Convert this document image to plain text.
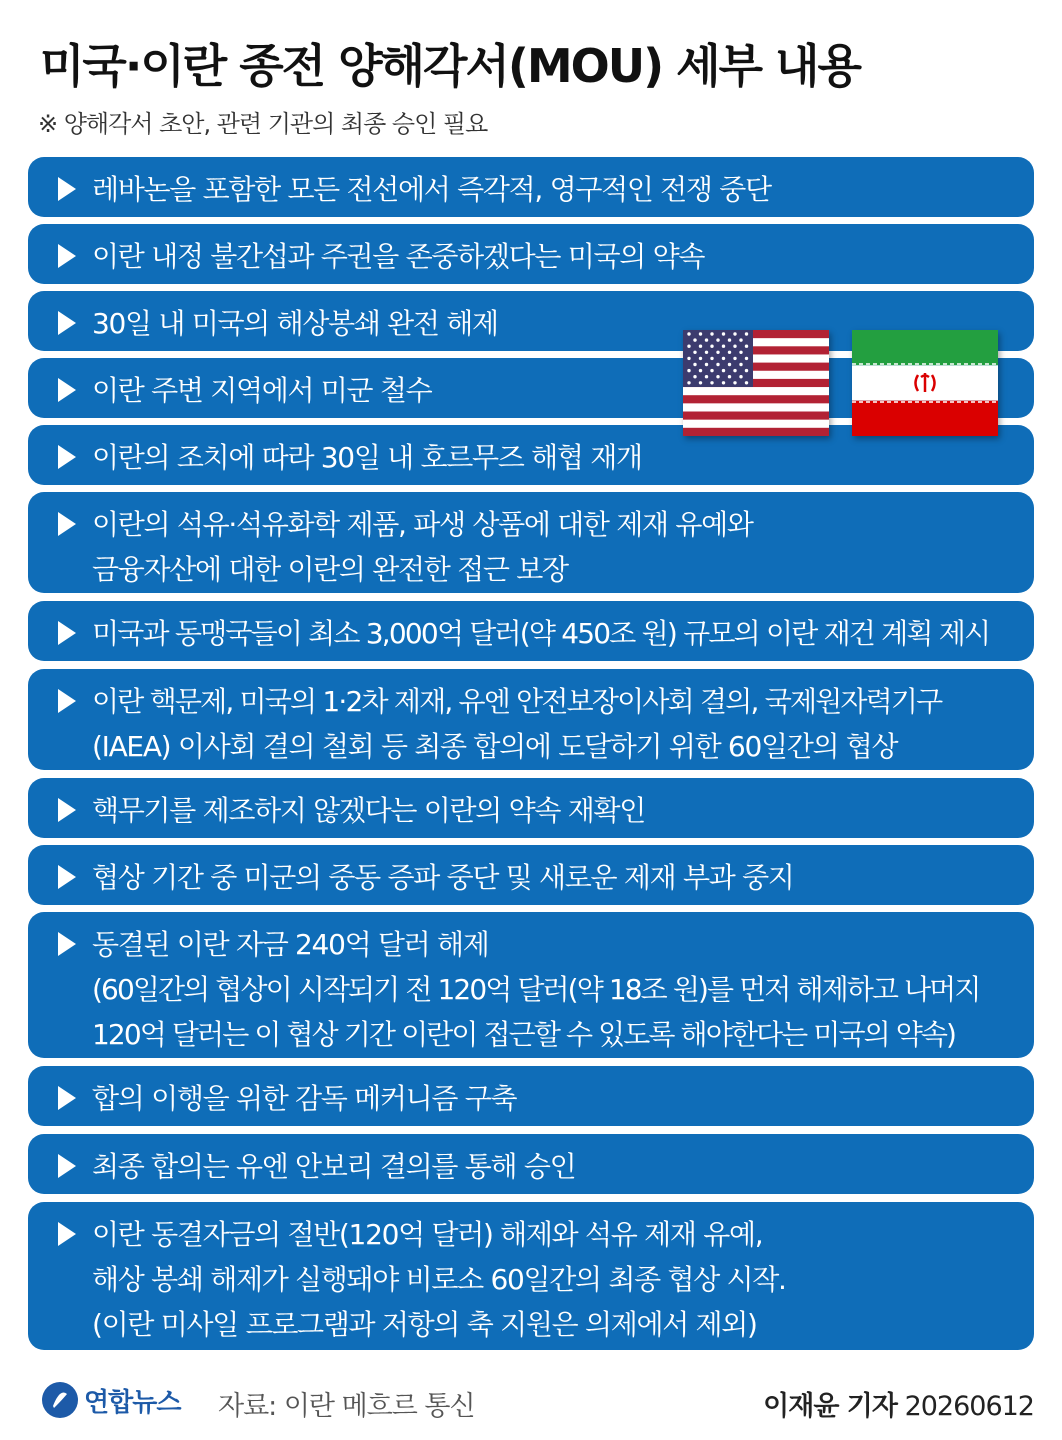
미국·이란 종전 양해각서(MOU) 세부 내용
※ 양해각서 초안, 관련 기관의 최종 승인 필요
레바논을 포함한 모든 전선에서 즉각적, 영구적인 전쟁 중단
이란 내정 불간섭과 주권을 존중하겠다는 미국의 약속
30일 내 미국의 해상봉쇄 완전 해제
이란 주변 지역에서 미군 철수
이란의 조치에 따라 30일 내 호르무즈 해협 재개
이란의 석유·석유화학 제품, 파생 상품에 대한 제재 유예와
금융자산에 대한 이란의 완전한 접근 보장
미국과 동맹국들이 최소 3,000억 달러(약 450조 원) 규모의 이란 재건 계획 제시
이란 핵문제, 미국의 1·2차 제재, 유엔 안전보장이사회 결의, 국제원자력기구
(IAEA) 이사회 결의 철회 등 최종 합의에 도달하기 위한 60일간의 협상
핵무기를 제조하지 않겠다는 이란의 약속 재확인
협상 기간 중 미군의 중동 증파 중단 및 새로운 제재 부과 중지
동결된 이란 자금 240억 달러 해제
(60일간의 협상이 시작되기 전 120억 달러(약 18조 원)를 먼저 해제하고 나머지
120억 달러는 이 협상 기간 이란이 접근할 수 있도록 해야한다는 미국의 약속)
합의 이행을 위한 감독 메커니즘 구축
최종 합의는 유엔 안보리 결의를 통해 승인
이란 동결자금의 절반(120억 달러) 해제와 석유 제재 유예,
해상 봉쇄 해제가 실행돼야 비로소 60일간의 최종 협상 시작.
(이란 미사일 프로그램과 저항의 축 지원은 의제에서 제외)
연합뉴스 자료: 이란 메흐르 통신	이재윤 기자 20260612
